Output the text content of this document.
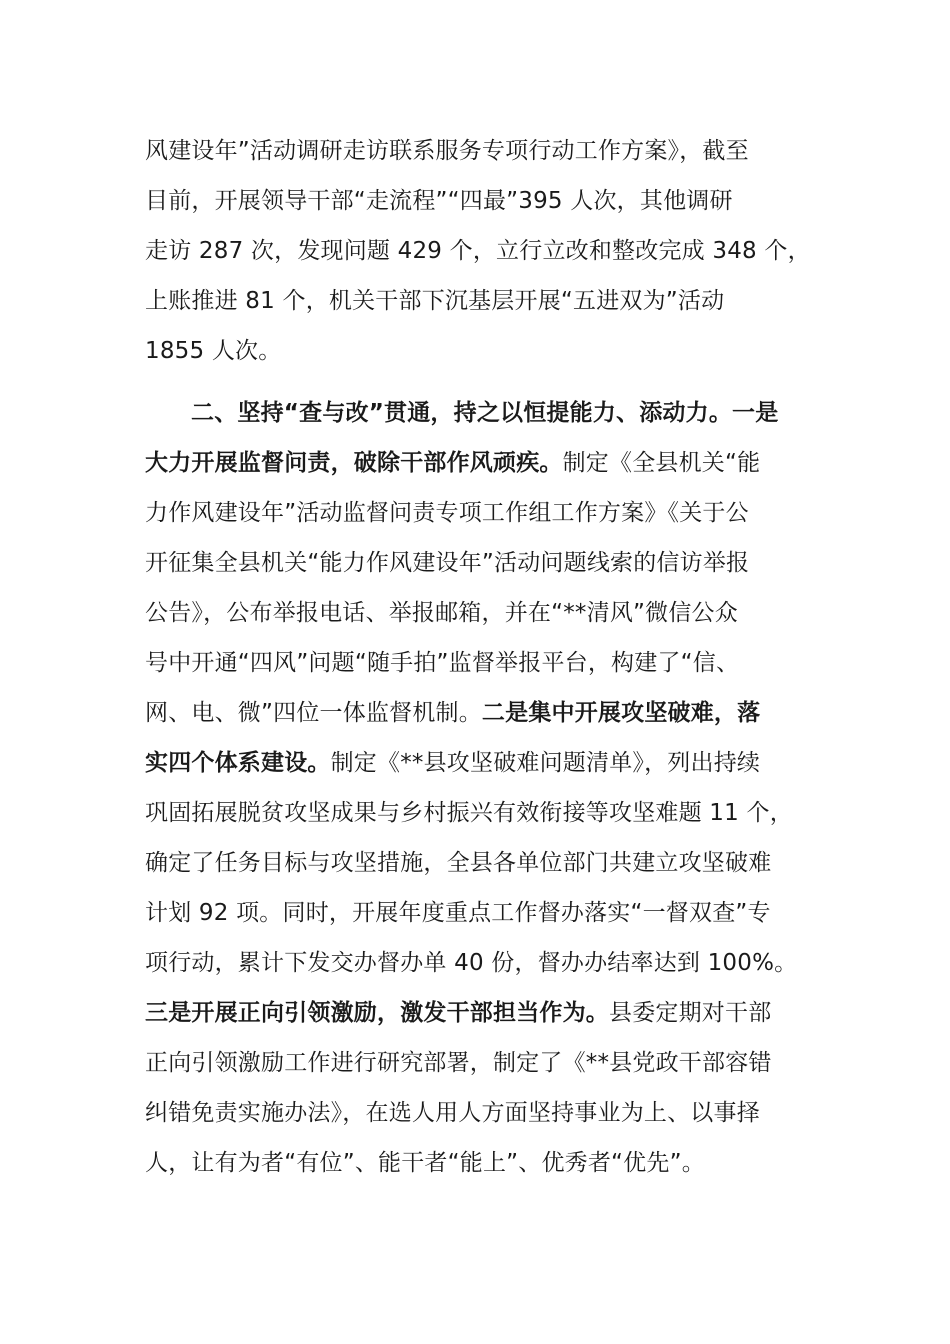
风建设年”活动调研走访联系服务专项行动工作方案》，截至
目前，开展领导干部“走流程”“四最”395 人次，其他调研
走访 287 次，发现问题 429 个，立行立改和整改完成 348 个，
上账推进 81 个，机关干部下沉基层开展“五进双为”活动
1855 人次。
二、坚持“查与改”贯通，持之以恒提能力、添动力。一是
大力开展监督问责，破除干部作风顽疾。制定《全县机关“能
力作风建设年”活动监督问责专项工作组工作方案》《关于公
开征集全县机关“能力作风建设年”活动问题线索的信访举报
公告》，公布举报电话、举报邮箱，并在“**清风”微信公众
号中开通“四风”问题“随手拍”监督举报平台，构建了“信、
网、电、微”四位一体监督机制。二是集中开展攻坚破难，落
实四个体系建设。制定《**县攻坚破难问题清单》，列出持续
巩固拓展脱贫攻坚成果与乡村振兴有效衔接等攻坚难题 11 个，
确定了任务目标与攻坚措施，全县各单位部门共建立攻坚破难
计划 92 项。同时，开展年度重点工作督办落实“一督双查”专
项行动，累计下发交办督办单 40 份，督办办结率达到 100%。
三是开展正向引领激励，激发干部担当作为。县委定期对干部
正向引领激励工作进行研究部署，制定了《**县党政干部容错
纠错免责实施办法》，在选人用人方面坚持事业为上、以事择
人，让有为者“有位”、能干者“能上”、优秀者“优先”。
